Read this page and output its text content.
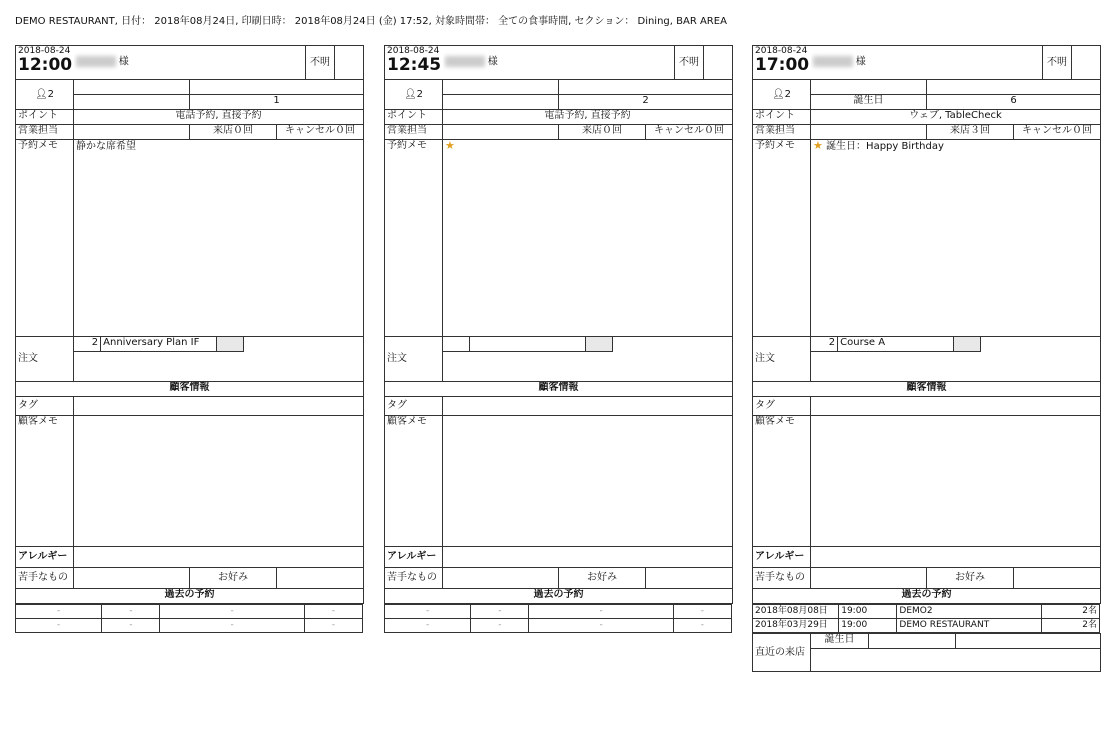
DEMO RESTAURANT, 日付： 2018年08月24日, 印刷日時： 2018年08月24日 (金) 17:52, 対象時間帯： 全ての食事時間, セクション： Dining, BAR AREA
2018-08-24
12:00	様	不明	
👤︎2		
	1
ポイント	電話予約, 直接予約
営業担当		来店０回	キャンセル０回
予約メモ	静かな席希望
注文	
2	Anniversary Plan IF	

顧客情報
タグ	
顧客メモ	
アレルギー	
苦手なもの		お好み	
過去の予約
-	-	-	-
-	-	-	-
2018-08-24
12:45	様	不明	
👤︎2		
	2
ポイント	電話予約, 直接予約
営業担当		来店０回	キャンセル０回
予約メモ	★
注文	

顧客情報
タグ	
顧客メモ	
アレルギー	
苦手なもの		お好み	
過去の予約
-	-	-	-
-	-	-	-
2018-08-24
17:00	様	不明	
👤︎2		
誕生日	6
ポイント	ウェブ, TableCheck
営業担当		来店３回	キャンセル０回
予約メモ	★ 誕生日：Happy Birthday
注文	
2	Course A	

顧客情報
タグ	
顧客メモ	
アレルギー	
苦手なもの		お好み	
過去の予約
2018年08月08日	19:00	DEMO2	2名
2018年03月29日	19:00	DEMO RESTAURANT	2名
直近の来店	誕生日		
